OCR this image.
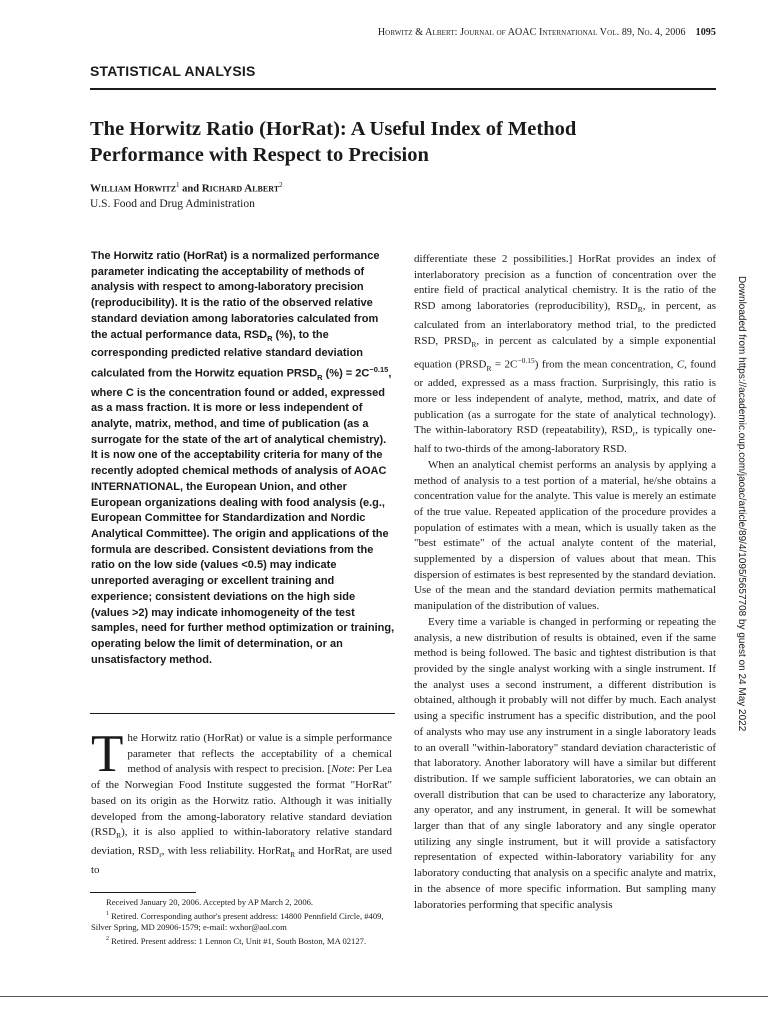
Horwitz & Albert: Journal of AOAC International Vol. 89, No. 4, 2006 1095
STATISTICAL ANALYSIS
The Horwitz Ratio (HorRat): A Useful Index of Method Performance with Respect to Precision
William Horwitz$^1$ and Richard Albert$^2$
U.S. Food and Drug Administration

The Horwitz ratio (HorRat) is a normalized performance parameter indicating the acceptability of methods of analysis with respect to among-laboratory precision (reproducibility). It is the ratio of the observed relative standard deviation among laboratories calculated from the actual performance data, $RSD_R$ (%), to the corresponding predicted relative standard deviation calculated from the Horwitz equation $PRSD_R$ (%) = $2C^{-0.15}$, where C is the concentration found or added, expressed as a mass fraction. It is more or less independent of analyte, matrix, method, and time of publication (as a surrogate for the state of the art of analytical chemistry). It is now one of the acceptability criteria for many of the recently adopted chemical methods of analysis of AOAC INTERNATIONAL, the European Union, and other European organizations dealing with food analysis (e.g., European Committee for Standardization and Nordic Analytical Committee). The origin and applications of the formula are described. Consistent deviations from the ratio on the low side (values <0.5) may indicate unreported averaging or excellent training and experience; consistent deviations on the high side (values >2) may indicate inhomogeneity of the test samples, need for further method optimization or training, operating below the limit of determination, or an unsatisfactory method.

The Horwitz ratio (HorRat) or value is a simple performance parameter that reflects the acceptability of a chemical method of analysis with respect to precision. [Note: Per Lea of the Norwegian Food Institute suggested the format "HorRat" based on its origin as the Horwitz ratio. Although it was initially developed from the among-laboratory relative standard deviation $(RSD_R)$, it is also applied to within-laboratory relative standard deviation, $RSD_r$, with less reliability. HorRat$_R$ and HorRat$_r$ are used to

Received January 20, 2006. Accepted by AP March 2, 2006.

$^1$ Retired. Corresponding author's present address: 14800 Pennfield Circle, #409, Silver Spring, MD 20906-1579; e-mail: wxhor@aol.com

$^2$ Retired. Present address: 1 Lennon Ct, Unit #1, South Boston, MA 02127.

differentiate these 2 possibilities.] HorRat provides an index of interlaboratory precision as a function of concentration over the entire field of practical analytical chemistry. It is the ratio of the RSD among laboratories (reproducibility), $RSD_R$, in percent, as calculated from an interlaboratory method trial, to the predicted RSD, $PRSD_R$, in percent as calculated by a simple exponential equation $(PRSD_R = 2C^{-0.15})$ from the mean concentration, C, found or added, expressed as a mass fraction. Surprisingly, this ratio is more or less independent of analyte, method, matrix, and date of publication (as a surrogate for the state of analytical technology). The within-laboratory RSD (repeatability), $RSD_r$, is typically one-half to two-thirds of the among-laboratory RSD.

When an analytical chemist performs an analysis by applying a method of analysis to a test portion of a material, he/she obtains a concentration value for the analyte. This value is merely an estimate of the true value. Repeated application of the procedure provides a population of estimates with a mean, which is usually taken as the "best estimate" of the actual analyte content of the material, supplemented by a dispersion of values about that mean. This dispersion of estimates is best represented by the standard deviation. Use of the mean and the standard deviation permits mathematical manipulation of the distribution of values.

Every time a variable is changed in performing or repeating the analysis, a new distribution of results is obtained, even if the same method is being followed. The basic and tightest distribution is that provided by the single analyst working with a single instrument. If the analyst uses a second instrument, a different distribution is obtained, although it probably will not differ by much. Each analyst using a specific instrument has a specific distribution, and the pool of analysts who may use any instrument in a single laboratory leads to an overall "within-laboratory" standard deviation characteristic of that laboratory. Another laboratory will have a similar but different distribution. If we sample sufficient laboratories, we can obtain an overall distribution that can be used to characterize any laboratory, any operator, and any instrument, in general. It will be somewhat larger than that of any single laboratory and any single operator utilizing any single instrument, but it will provide a satisfactory representation of expected within-laboratory variability for any laboratory conducting that analysis on a specific analyte and matrix, in the absence of more specific information. But sampling many laboratories performing that specific analysis

Downloaded from https://academic.oup.com/jaoac/article/89/4/1095/5657708 by guest on 24 May 2022
